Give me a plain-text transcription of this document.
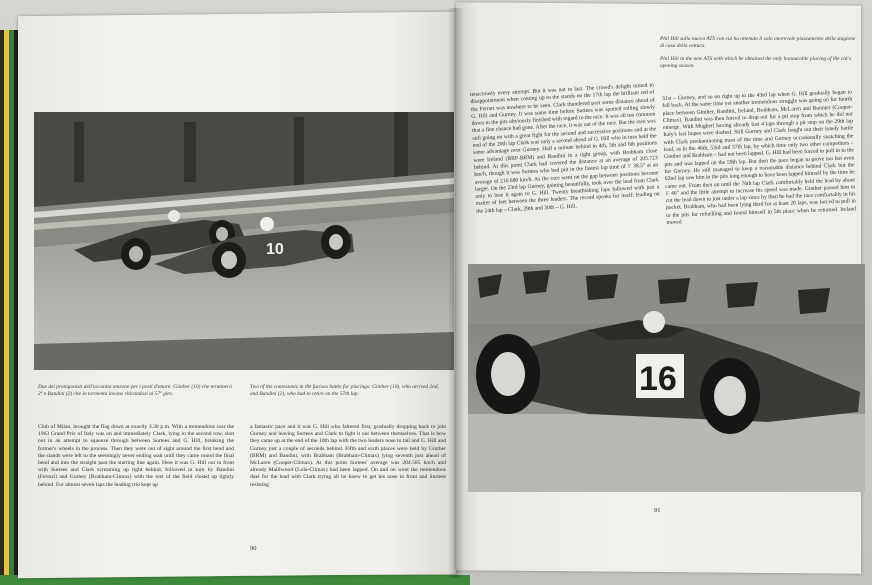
10
Due dei protagonisti dell'accanita tenzone per i posti d'onore: Ginther (10) che terminerà 2º e Bandini (2) che lo tormenta invano ritirandosi al 57º giro.
Two of the contestants in the furious battle for placings: Ginther (10), who arrived 2nd, and Bandini (2), who had to retire on the 57th lap.
Club of Milan, brought the flag down at exactly 3.30 p.m. With a tremendous roar the 1963 Grand Prix of Italy was on and immediately Clark, lying in the second row, shot out in an attempt to squeeze through between Surtees and G. Hill, breaking the former's wheels in the process. Then they were out of sight around the first bend and the stands were left to the seemingly never ending wait until they came round the final bend and into the straight past the starting line again. Here it was G. Hill out in front with Surtees and Clark screaming up right behind, followed in turn by Bandini (Ferrari) and Gurney (Brabham-Climax) with the rest of the field closed up tightly behind. For almost seven laps the leading trio kept up
a fantastic pace and it was G. Hill who faltered first, gradually dropping back to join Gurney and leaving Surtees and Clark to fight it out between themselves. That is how they came up at the end of the 10th lap with the two leaders nose to tail and G. Hill and Gurney just a couple of seconds behind. Fifth and sixth places were held by Ginther (BRM) and Bandini, with Brabham (Brabham-Climax) lying seventh just ahead of McLaren (Cooper-Climax). At this point Surtees' average was 204.585 km/h and already Maillwood (Lola-Climax) had been lapped. On and on went the tremendous duel for the lead with Clark trying all he knew to get his nose in front and Surtees resisting
90
Phil Hill sulla nuova ATS con cui ha ottenuto il solo onorevole piazzamento della stagione di casa della vettura.
Phil Hill in the new ATS with which he obtained the only honourable placing of the car's opening season.
tenaciously every attempt. But it was not to last. The crowd's delight turned to disappointment when coming up to the stands on the 17th lap the brilliant red of the Ferrari was nowhere to be seen. Clark thundered past some distance ahead of G. Hill and Gurney. It was some time before Surtees was spotted rolling slowly down to the pits obviously finished with regard to the race. It was all too common that a fine chance had gone. After the race, it was out of the race. But the race was still going on with a great fight for the second and successive positions and at the end of the 20th lap Clark was only a second ahead of G. Hill who in turn held the same advantage over Gurney. Half a minute behind in 4th, 5th and 6th positions were Ireland (BRP-BRM) and Bandini in a tight group, with Brabham close behind. At this point Clark had covered the distance at an average of 205.723 km/h, though it was Surtees who had put in the fastest lap time of 1' 38.5" at an average of 210.680 km/h. As the race went on the gap between positions became larger. On the 23rd lap Gurney, gaining beautifully, took over the lead from Clark only to lose it again to G. Hill. Twenty breathtaking laps followed with just a matter of feet between the three leaders. The record speaks for itself: leading on the 24th lap – Clark, 29th and 30th – G. Hill,
31st – Gurney, and so on right up to the 43rd lap when G. Hill gradually began to fall back. At the same time yet another tremendous struggle was going on for fourth place between Ginther, Bandini, Ireland, Brabham, McLaren and Bonnier (Cooper-Climax). Bandini was then forced to drop out for a pit stop from which he did not emerge. With Mugheri having already lost 4 laps through a pit stop on the 29th lap Italy's last hopes were dashed. Still Gurney and Clark fought out their lonely battle with Clark predominating most of the time and Gurney occasionally snatching the lead, as in the 46th, 53rd and 57th lap, by which time only two other competitors – Ginther and Brabham – had not been lapped. G. Hill had been forced to pull in to the pits and was lapped on the 59th lap. But then the pace began to prove too hot even for Gurney. He still managed to keep a reasonable distance behind Clark but the 62nd lap saw him in the pits long enough to have been lapped himself by the time he came out. From then on until the 76th lap Clark comfortably held the lead by about 1' 46" and the little attempt to increase his speed was made. Ginther passed him to cut the lead down to just under a lap since by then he had the race comfortably in his pocket. Brabham, who had been lying third for at least 20 laps, was forced to pull in to the pits for refuelling and found himself in 5th place when he returned. Ireland moved
16
91
